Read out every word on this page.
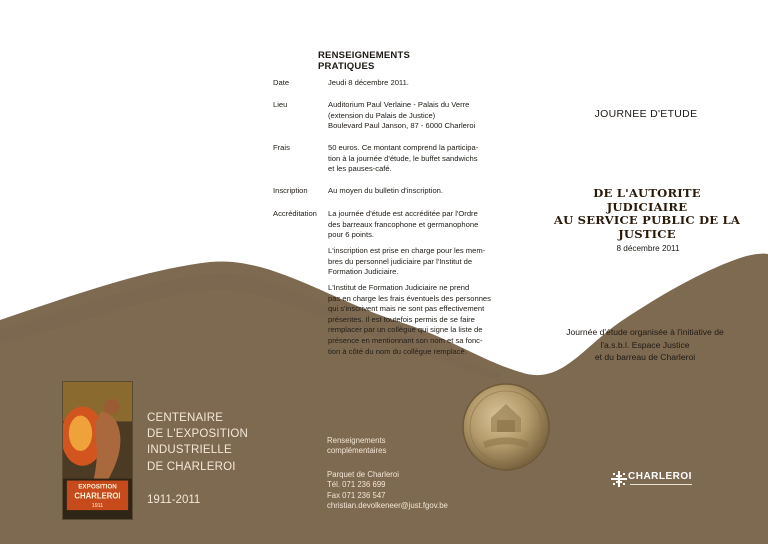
RENSEIGNEMENTS PRATIQUES
Date	Jeudi 8 décembre 2011.
Lieu	Auditorium Paul Verlaine - Palais du Verre
(extension du Palais de Justice)
Boulevard Paul Janson, 87 - 6000 Charleroi
Frais	50 euros. Ce montant comprend la participa-
tion à la journée d'étude, le buffet sandwichs
et les pauses-café.
Inscription	Au moyen du bulletin d'inscription.
Accréditation	La journée d'étude est accréditée par l'Ordre
des barreaux francophone et germanophone
pour 6 points.
L'inscription est prise en charge pour les mem-
bres du personnel judiciaire par l'Institut de
Formation Judiciaire.
L'Institut de Formation Judiciaire ne prend
pas en charge les frais éventuels des personnes
qui s'inscrivent mais ne sont pas effectivement
présentes. Il est toutefois permis de se faire
remplacer par un collègue qui signe la liste de
présence en mentionnant son nom et sa fonc-
tion à côté du nom du collègue remplacé.
Renseignements
complémentaires
Parquet de Charleroi
Tél. 071 236 699
Fax 071 236 547
christian.devolkeneer@just.fgov.be
JOURNEE D'ETUDE
DE L'AUTORITE JUDICIAIRE
AU SERVICE PUBLIC DE LA
JUSTICE
8 décembre 2011
Journée d'étude organisée à l'initiative de
l'a.s.b.l. Espace Justice
et du barreau de Charleroi
CHARLEROI
EXPOSITION
CHARLEROI
1911
CENTENAIRE
DE L'EXPOSITION
INDUSTRIELLE
DE CHARLEROI
1911-2011
